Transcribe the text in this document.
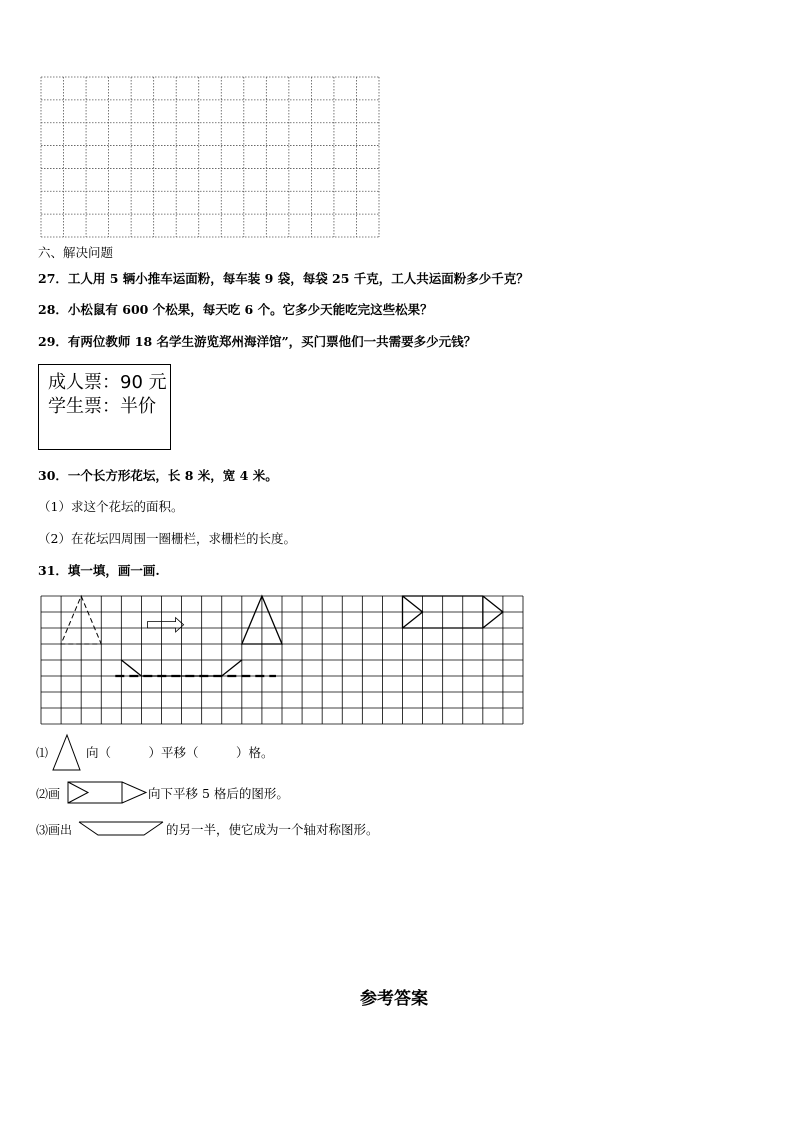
六、解决问题
27．工人用 5 辆小推车运面粉，每车装 9 袋，每袋 25 千克，工人共运面粉多少千克？
28．小松鼠有 600 个松果，每天吃 6 个。它多少天能吃完这些松果？
29．有两位教师 18 名学生游览郑州海洋馆”，买门票他们一共需要多少元钱？
成人票：90 元
学生票：半价
30．一个长方形花坛，长 8 米，宽 4 米。
（1）求这个花坛的面积。
（2）在花坛四周围一圈栅栏，求栅栏的长度。
31．填一填，画一画.
⑴	向（　　　）平移（　　　）格。
⑵画	向下平移 5 格后的图形。
⑶画出	的另一半，使它成为一个轴对称图形。
参考答案
